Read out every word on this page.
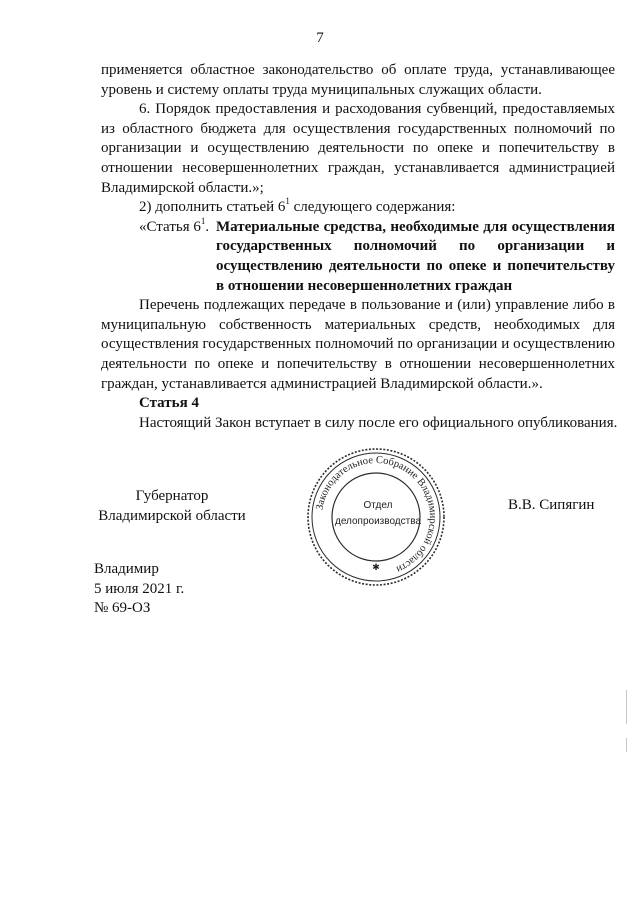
7

применяется областное законодательство об оплате труда, устанавливающее уровень и систему оплаты труда муниципальных служащих области.

6. Порядок предоставления и расходования субвенций, предоставляемых из областного бюджета для осуществления государственных полномочий по организации и осуществлению деятельности по опеке и попечительству в отношении несовершеннолетних граждан, устанавливается администрацией Владимирской области.»;

2) дополнить статьей $6^1$ следующего содержания:

«Статья $6^1$. Материальные средства, необходимые для осуществления государственных полномочий по организации и осуществлению деятельности по опеке и попечительству в отношении несовершеннолетних граждан

Перечень подлежащих передаче в пользование и (или) управление либо в муниципальную собственность материальных средств, необходимых для осуществления государственных полномочий по организации и осуществлению деятельности по опеке и попечительству в отношении несовершеннолетних граждан, устанавливается администрацией Владимирской области.».

Статья 4
Настоящий Закон вступает в силу после его официального опубликования.
Губернатор
Владимирской области
Законодательное Собрание Владимирской области
✱
Отдел
делопроизводства
В.В. Сипягин
Владимир
5 июля 2021 г.
№ 69-ОЗ
